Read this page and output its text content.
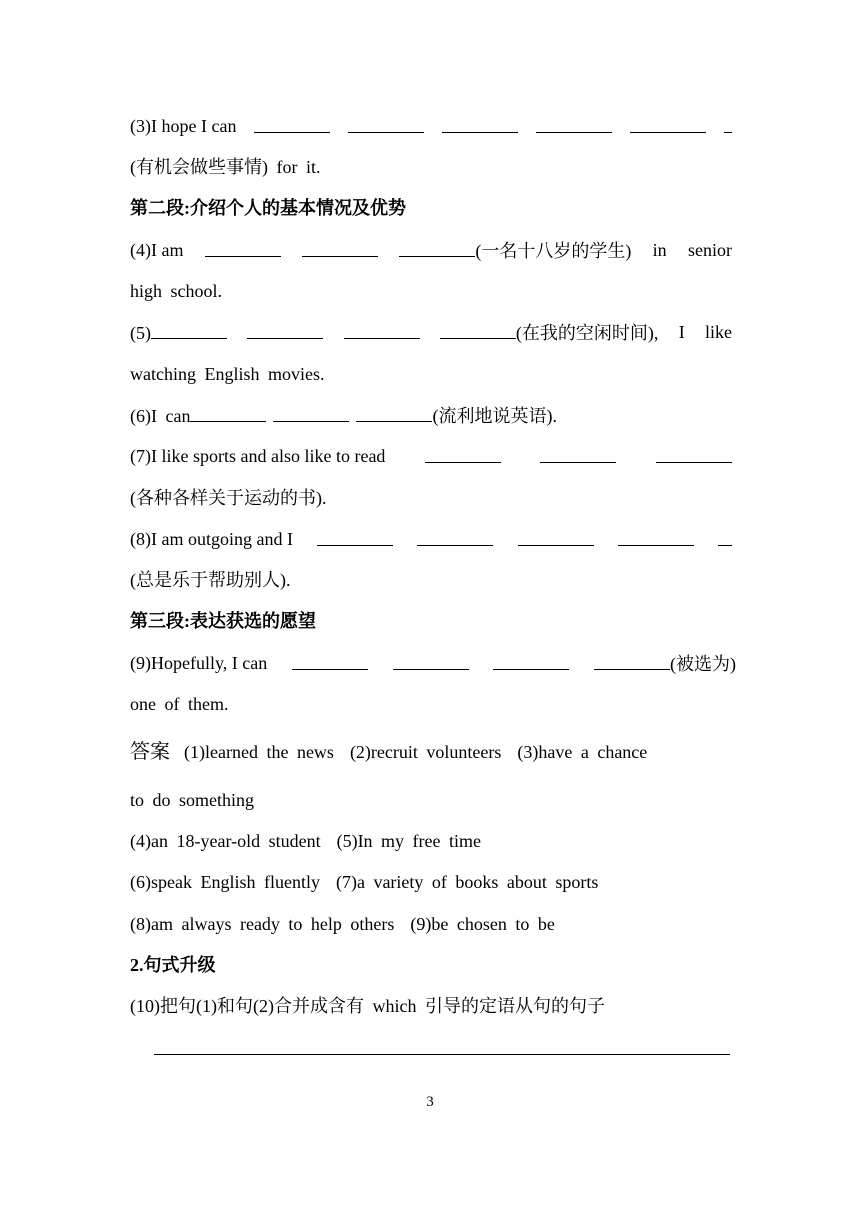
(3)I hope I can
(有机会做些事情) for it.
第二段:介绍个人的基本情况及优势
(4)I am	(一名十八岁的学生) in senior
high school.
(5)	(在我的空闲时间), I like
watching English movies.
(6)I can	(流利地说英语).
(7)I like sports and also like to read
(各种各样关于运动的书).
(8)I am outgoing and I
(总是乐于帮助别人).
第三段:表达获选的愿望
(9)Hopefully, I can	(被选为)
one of them.
答案 (1)learned the news (2)recruit volunteers (3)have a chance
to do something
(4)an 18-year-old student (5)In my free time
(6)speak English fluently (7)a variety of books about sports
(8)am always ready to help others (9)be chosen to be
2.句式升级
(10)把句(1)和句(2)合并成含有 which 引导的定语从句的句子
3
